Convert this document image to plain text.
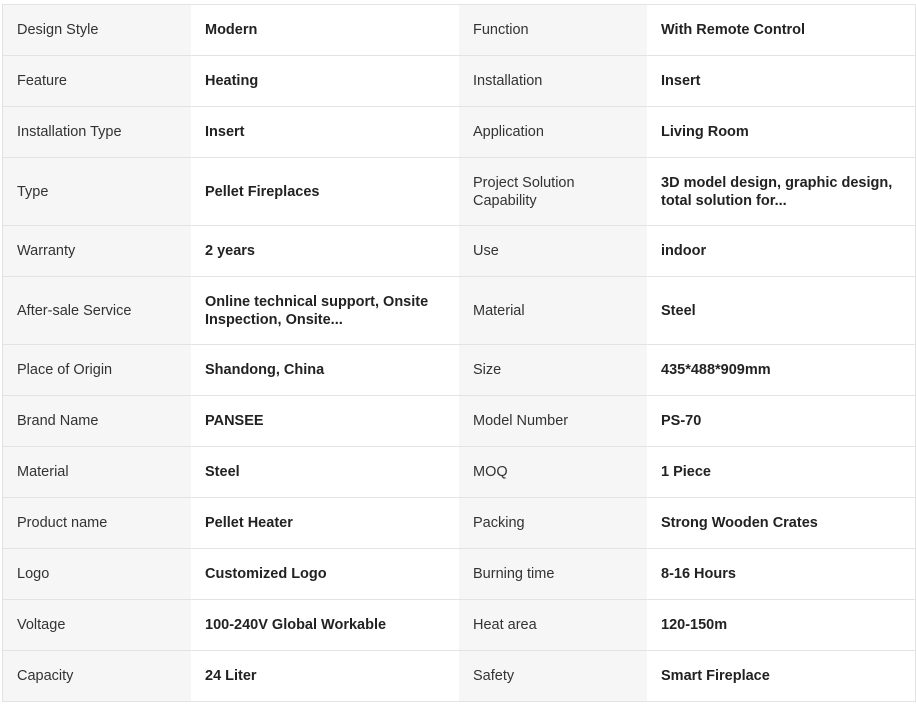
Design Style	Modern	Function	With Remote Control
Feature	Heating	Installation	Insert
Installation Type	Insert	Application	Living Room
Type	Pellet Fireplaces	Project Solution Capability	3D model design, graphic design, total solution for...

Warranty	2 years	Use	indoor
After-sale Service	Online technical support, Onsite Inspection, Onsite...	Material	Steel
Place of Origin	Shandong, China	Size	435*488*909mm
Brand Name	PANSEE	Model Number	PS-70
Material	Steel	MOQ	1 Piece
Product name	Pellet Heater	Packing	Strong Wooden Crates
Logo	Customized Logo	Burning time	8-16 Hours
Voltage	100-240V Global Workable	Heat area	120-150m
Capacity	24 Liter	Safety	Smart Fireplace
